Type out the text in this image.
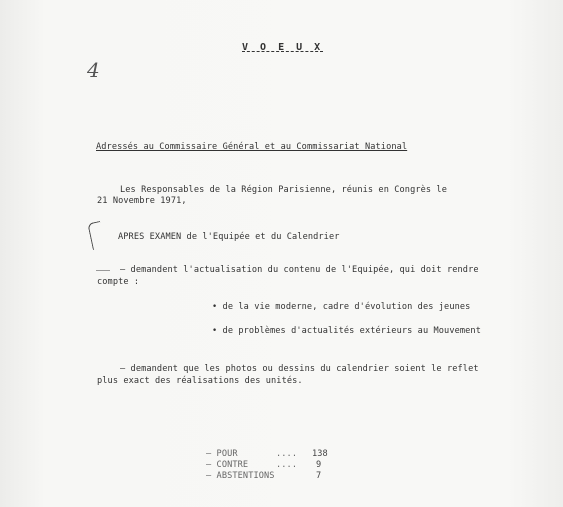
V O E U X
4
Adressés au Commissaire Général et au Commissariat National
Les Responsables de la Région Parisienne, réunis en Congrès le
21 Novembre 1971,
APRES EXAMEN de l'Equipée et du Calendrier
– demandent l'actualisation du contenu de l'Equipée, qui doit rendre
compte :
• de la vie moderne, cadre d'évolution des jeunes
• de problèmes d'actualités extérieurs au Mouvement
– demandent que les photos ou dessins du calendrier soient le reflet
plus exact des réalisations des unités.
– POUR	.... 138
– CONTRE	.... 9
– ABSTENTIONS	7
